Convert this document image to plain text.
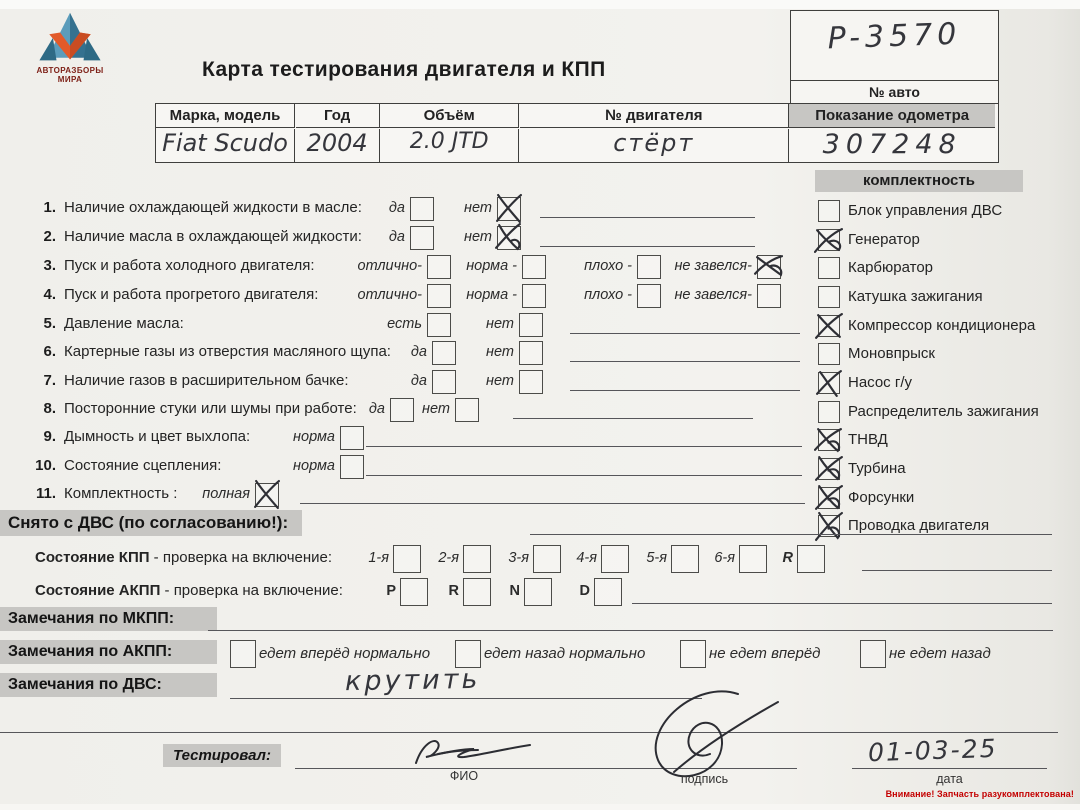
АВТОРАЗБОРЫ
МИРА	Карта тестирования двигателя и КПП
P-3570
№ авто
Марка, модель	Год	Объём	№ двигателя	Показание одометра
Fiat Scudo 2004	2.0 JTD	стёрт	307248
1. Наличие охлаждающей жидкости в масле: да	нет
2. Наличие масла в охлаждающей жидкости: да	нет
3. Пуск и работа холодного двигателя:	отлично-	норма -	плохо -	не завелся-
4. Пуск и работа прогретого двигателя:	отлично-	норма -	плохо -	не завелся-
5. Давление масла:	есть	нет
6. Картерные газы из отверстия масляного щупа: да	нет
7. Наличие газов в расширительном бачке:	да	нет
8. Посторонние стуки или шумы при работе: да	нет
9. Дымность и цвет выхлопа:	норма
10. Состояние сцепления:	норма
11. Комплектность : полная
комплектность
Блок управления ДВС
Генератор
Карбюратор
Катушка зажигания
Компрессор кондиционера
Моновпрыск
Насос г/у
Распределитель зажигания
ТНВД
Турбина
Форсунки
Проводка двигателя
Снято с ДВС (по согласованию!):
Состояние КПП - проверка на включение:	1-я	2-я	3-я	4-я	5-я	6-я	R
Состояние АКПП - проверка на включение:	P	R	N	D
Замечания по МКПП:
Замечания по АКПП:	едет вперёд нормально	едет назад нормально	не едет вперёд	не едет назад
Замечания по ДВС:	крутить
Тестировал:
ФИО	подпись
01-03-25
дата
Внимание! Запчасть разукомплектована!
